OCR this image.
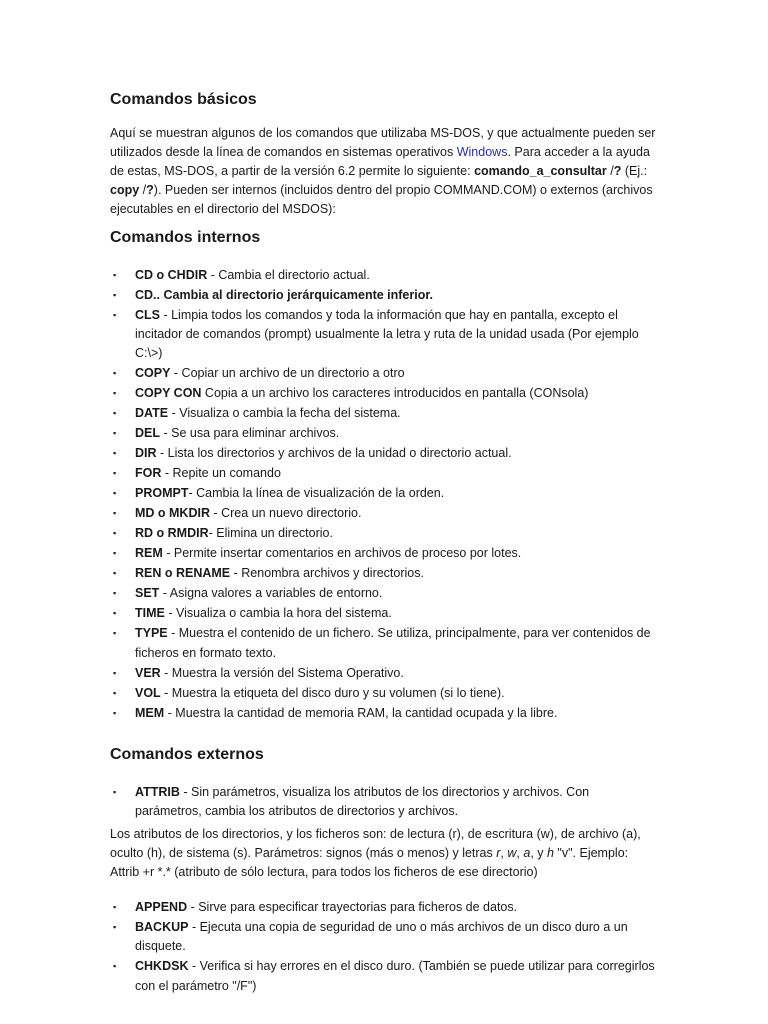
Comandos básicos

Aquí se muestran algunos de los comandos que utilizaba MS-DOS, y que actualmente pueden ser utilizados desde la línea de comandos en sistemas operativos Windows. Para acceder a la ayuda de estas, MS-DOS, a partir de la versión 6.2 permite lo siguiente: comando_a_consultar /? (Ej.: copy /?). Pueden ser internos (incluidos dentro del propio COMMAND.COM) o externos (archivos ejecutables en el directorio del MSDOS):

Comandos internos
▪ CD o CHDIR - Cambia el directorio actual.
▪ CD.. Cambia al directorio jerárquicamente inferior.
▪ CLS - Limpia todos los comandos y toda la información que hay en pantalla, excepto el incitador de comandos (prompt) usualmente la letra y ruta de la unidad usada (Por ejemplo C:\>)
▪ COPY - Copiar un archivo de un directorio a otro
▪ COPY CON Copia a un archivo los caracteres introducidos en pantalla (CONsola)
▪ DATE - Visualiza o cambia la fecha del sistema.
▪ DEL - Se usa para eliminar archivos.
▪ DIR - Lista los directorios y archivos de la unidad o directorio actual.
▪ FOR - Repite un comando
▪ PROMPT- Cambia la línea de visualización de la orden.
▪ MD o MKDIR - Crea un nuevo directorio.
▪ RD o RMDIR- Elimina un directorio.
▪ REM - Permite insertar comentarios en archivos de proceso por lotes.
▪ REN o RENAME - Renombra archivos y directorios.
▪ SET - Asigna valores a variables de entorno.
▪ TIME - Visualiza o cambia la hora del sistema.
▪ TYPE - Muestra el contenido de un fichero. Se utiliza, principalmente, para ver contenidos de ficheros en formato texto.
▪ VER - Muestra la versión del Sistema Operativo.
▪ VOL - Muestra la etiqueta del disco duro y su volumen (si lo tiene).
▪ MEM - Muestra la cantidad de memoria RAM, la cantidad ocupada y la libre.
Comandos externos
▪ ATTRIB - Sin parámetros, visualiza los atributos de los directorios y archivos. Con parámetros, cambia los atributos de directorios y archivos.

Los atributos de los directorios, y los ficheros son: de lectura (r), de escritura (w), de archivo (a), oculto (h), de sistema (s). Parámetros: signos (más o menos) y letras r, w, a, y h "v". Ejemplo: Attrib +r *.* (atributo de sólo lectura, para todos los ficheros de ese directorio)

▪ APPEND - Sirve para especificar trayectorias para ficheros de datos.
▪ BACKUP - Ejecuta una copia de seguridad de uno o más archivos de un disco duro a un disquete.
▪ CHKDSK - Verifica si hay errores en el disco duro. (También se puede utilizar para corregirlos con el parámetro "/F")
